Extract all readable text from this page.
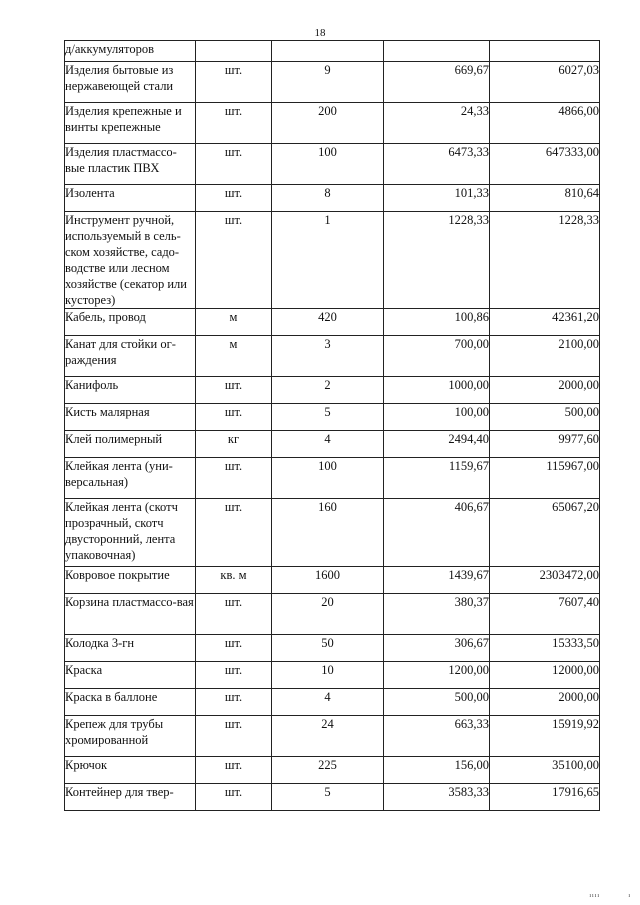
18
д/аккумуляторов				
Изделия бытовые из нержавеющей стали	шт.	9	669,67	6027,03
Изделия крепежные и винты крепежные	шт.	200	24,33	4866,00
Изделия пластмассо-вые пластик ПВХ	шт.	100	6473,33	647333,00
Изолента	шт.	8	101,33	810,64
Инструмент ручной, используемый в сель-ском хозяйстве, садо-водстве или лесном хозяйстве (секатор или кусторез)	шт.	1	1228,33	1228,33
Кабель, провод	м	420	100,86	42361,20
Канат для стойки ог-раждения	м	3	700,00	2100,00
Канифоль	шт.	2	1000,00	2000,00
Кисть малярная	шт.	5	100,00	500,00
Клей полимерный	кг	4	2494,40	9977,60
Клейкая лента (уни-версальная)	шт.	100	1159,67	115967,00
Клейкая лента (скотч прозрачный, скотч двусторонний, лента упаковочная)	шт.	160	406,67	65067,20
Ковровое покрытие	кв. м	1600	1439,67	2303472,00
Корзина пластмассо-вая	шт.	20	380,37	7607,40
Колодка 3-гн	шт.	50	306,67	15333,50
Краска	шт.	10	1200,00	12000,00
Краска в баллоне	шт.	4	500,00	2000,00
Крепеж для трубы хромированной	шт.	24	663,33	15919,92
Крючок	шт.	225	156,00	35100,00
Контейнер для твер-	шт.	5	3583,33	17916,65
ıııı	ı
